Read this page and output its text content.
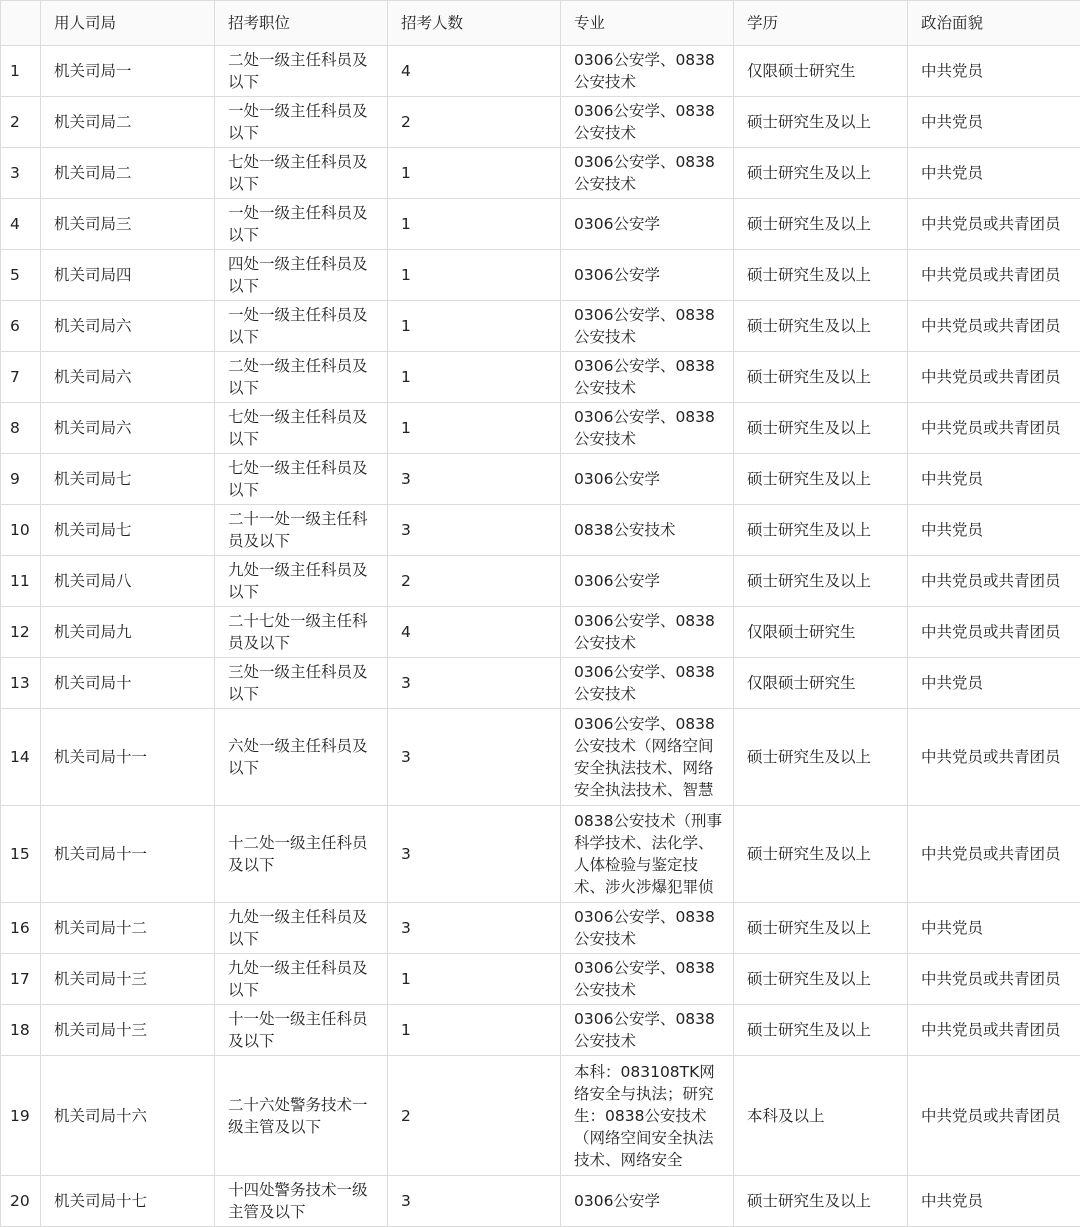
	用人司局	招考职位	招考人数	专业	学历	政治面貌
1	机关司局一	二处一级主任科员及以下	4	0306公安学、0838公安技术	仅限硕士研究生	中共党员
2	机关司局二	一处一级主任科员及以下	2	0306公安学、0838公安技术	硕士研究生及以上	中共党员
3	机关司局二	七处一级主任科员及以下	1	0306公安学、0838公安技术	硕士研究生及以上	中共党员
4	机关司局三	一处一级主任科员及以下	1	0306公安学	硕士研究生及以上	中共党员或共青团员
5	机关司局四	四处一级主任科员及以下	1	0306公安学	硕士研究生及以上	中共党员或共青团员
6	机关司局六	一处一级主任科员及以下	1	0306公安学、0838公安技术	硕士研究生及以上	中共党员或共青团员
7	机关司局六	二处一级主任科员及以下	1	0306公安学、0838公安技术	硕士研究生及以上	中共党员或共青团员
8	机关司局六	七处一级主任科员及以下	1	0306公安学、0838公安技术	硕士研究生及以上	中共党员或共青团员
9	机关司局七	七处一级主任科员及以下	3	0306公安学	硕士研究生及以上	中共党员
10	机关司局七	二十一处一级主任科员及以下	3	0838公安技术	硕士研究生及以上	中共党员
11	机关司局八	九处一级主任科员及以下	2	0306公安学	硕士研究生及以上	中共党员或共青团员
12	机关司局九	二十七处一级主任科员及以下	4	0306公安学、0838公安技术	仅限硕士研究生	中共党员或共青团员
13	机关司局十	三处一级主任科员及以下	3	0306公安学、0838公安技术	仅限硕士研究生	中共党员
14	机关司局十一	六处一级主任科员及以下	3	0306公安学、0838公安技术（网络空间安全执法技术、网络安全执法技术、智慧	硕士研究生及以上	中共党员或共青团员
15	机关司局十一	十二处一级主任科员及以下	3	0838公安技术（刑事科学技术、法化学、人体检验与鉴定技术、涉火涉爆犯罪侦	硕士研究生及以上	中共党员或共青团员
16	机关司局十二	九处一级主任科员及以下	3	0306公安学、0838公安技术	硕士研究生及以上	中共党员
17	机关司局十三	九处一级主任科员及以下	1	0306公安学、0838公安技术	硕士研究生及以上	中共党员或共青团员
18	机关司局十三	十一处一级主任科员及以下	1	0306公安学、0838公安技术	硕士研究生及以上	中共党员或共青团员
19	机关司局十六	二十六处警务技术一级主管及以下	2	本科：083108TK网络安全与执法；研究生：0838公安技术（网络空间安全执法技术、网络安全	本科及以上	中共党员或共青团员
20	机关司局十七	十四处警务技术一级主管及以下	3	0306公安学	硕士研究生及以上	中共党员
